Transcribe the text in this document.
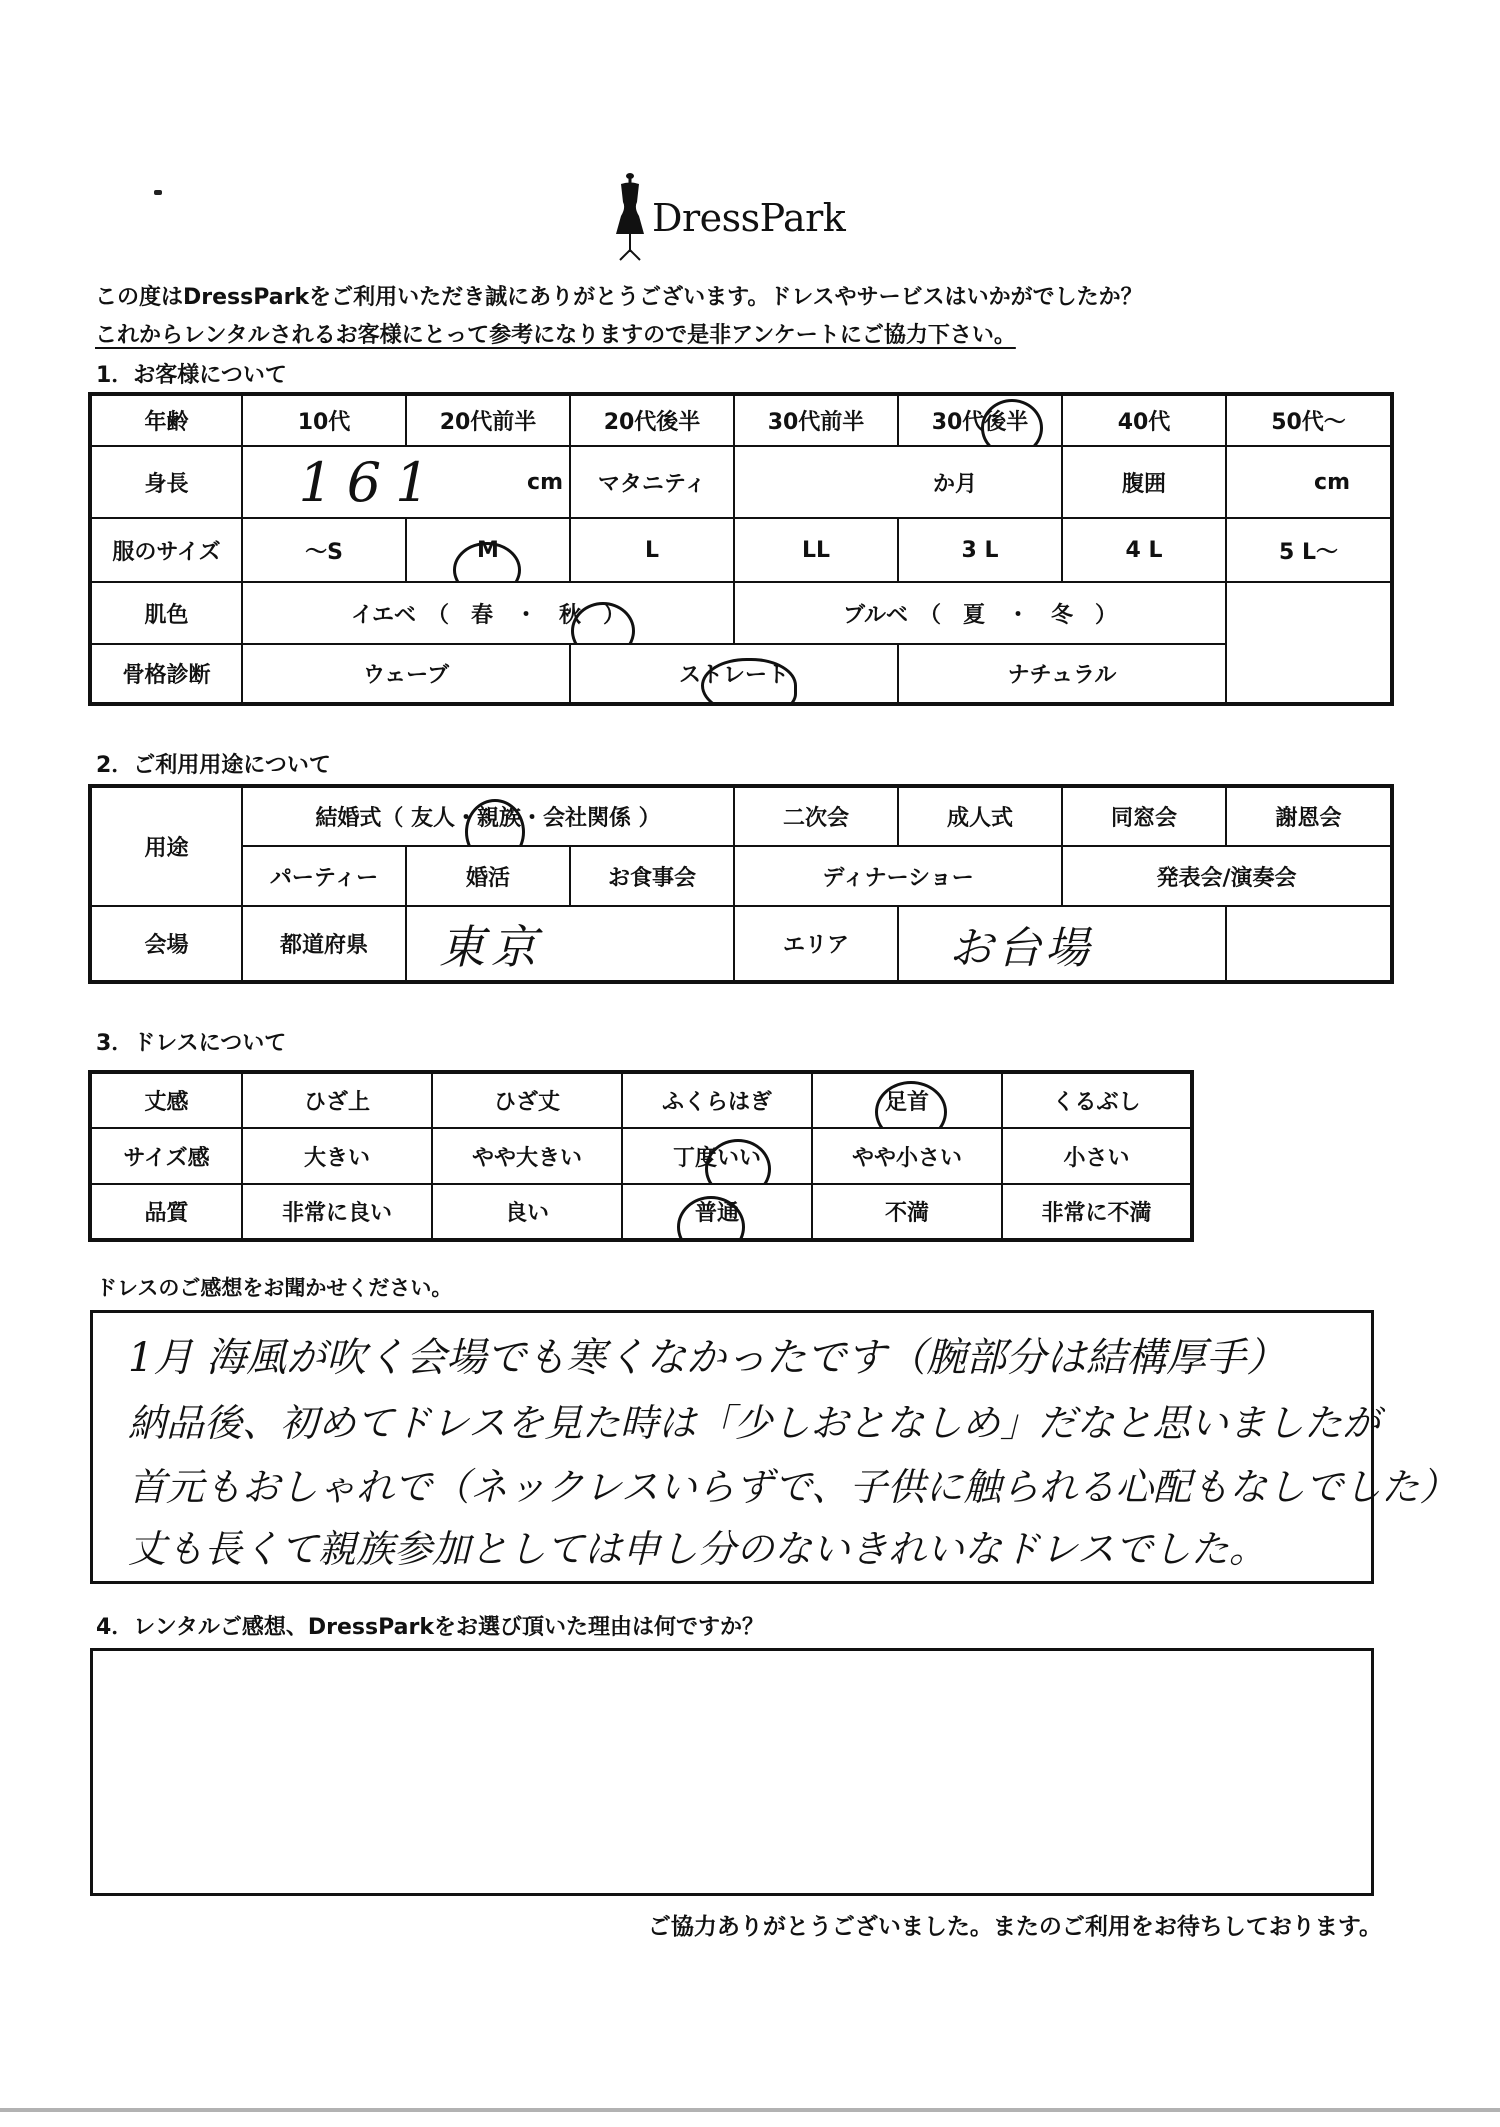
DressPark
この度はDressParkをご利用いただき誠にありがとうございます。ドレスやサービスはいかがでしたか？
これからレンタルされるお客様にとって参考になりますので是非アンケートにご協力下さい。
1．お客様について
年齢	10代	20代前半	20代後半	30代前半	30代後半	40代	50代～
身長	161 cm		マタニティ	か月		腹囲	cm

服のサイズ	～S	M	L	LL	3 L	4 L	5 L～
肌色	イエベ　（　春　・　秋　）			ブルベ　（　夏　・　冬　）			
骨格診断	ウェーブ		ストレート		ナチュラル		
2．ご利用用途について
用途	結婚式（ 友人・親族・会社関係 ）			二次会	成人式	同窓会	謝恩会
	パーティー	婚活	お食事会	ディナーショー		発表会/演奏会	
会場	都道府県	東京		エリア	お台場		

3．ドレスについて
丈感	ひざ上	ひざ丈	ふくらはぎ	足首	くるぶし
サイズ感	大きい	やや大きい	丁度いい	やや小さい	小さい
品質	非常に良い	良い	普通	不満	非常に不満
ドレスのご感想をお聞かせください。
1月 海風が吹く会場でも寒くなかったです（腕部分は結構厚手）
納品後、初めてドレスを見た時は「少しおとなしめ」だなと思いましたが
首元もおしゃれで（ネックレスいらずで、子供に触られる心配もなしでした）
丈も長くて親族参加としては申し分のないきれいなドレスでした。
4．レンタルご感想、DressParkをお選び頂いた理由は何ですか？
ご協力ありがとうございました。またのご利用をお待ちしております。
